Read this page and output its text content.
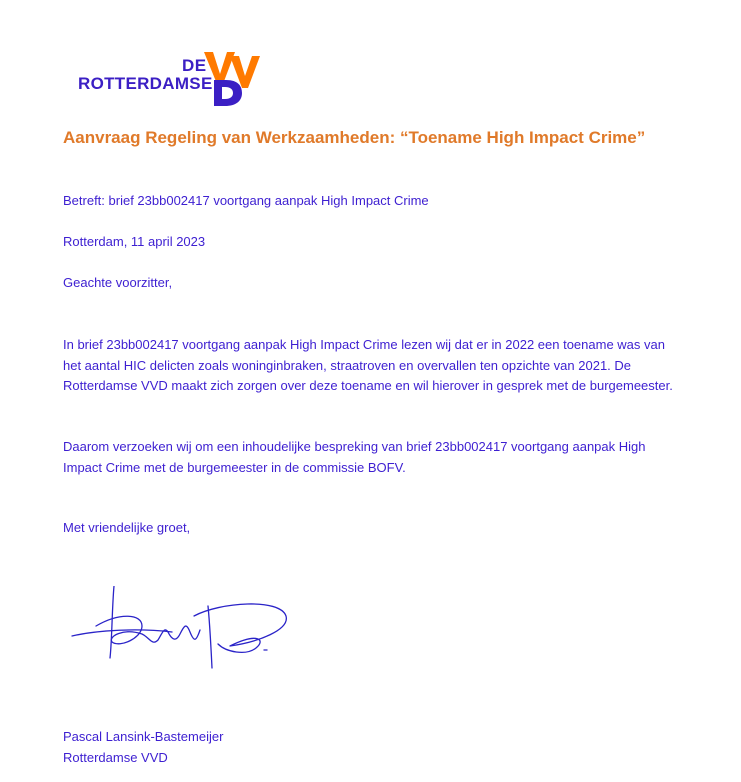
DE
ROTTERDAMSE
Aanvraag Regeling van Werkzaamheden: “Toename High Impact Crime”

Betreft: brief 23bb002417 voortgang aanpak High Impact Crime

Rotterdam, 11 april 2023

Geachte voorzitter,

In brief 23bb002417 voortgang aanpak High Impact Crime lezen wij dat er in 2022 een toename was van het aantal HIC delicten zoals woninginbraken, straatroven en overvallen ten opzichte van 2021. De Rotterdamse VVD maakt zich zorgen over deze toename en wil hierover in gesprek met de burgemeester.

Daarom verzoeken wij om een inhoudelijke bespreking van brief 23bb002417 voortgang aanpak High Impact Crime met de burgemeester in de commissie BOFV.

Met vriendelijke groet,

Pascal Lansink-Bastemeijer

Rotterdamse VVD
